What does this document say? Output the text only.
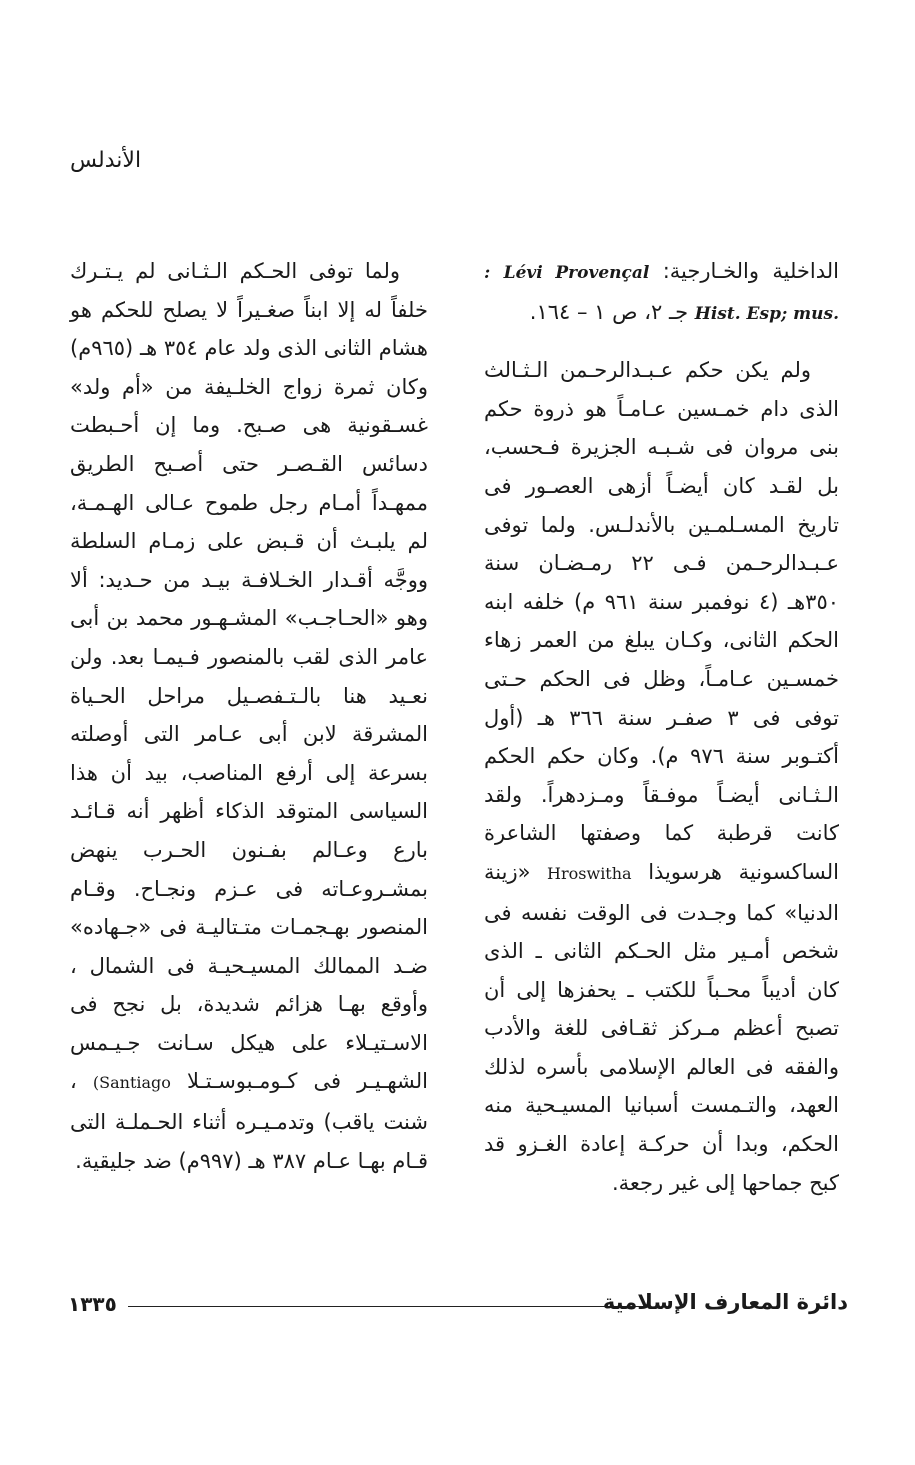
الأندلس

الداخلية والخـارجية: Lévi Provençal : Hist. Esp; mus. جـ ٢، ص ١ – ١٦٤.

ولم يكن حكم عـبـدالرحـمن الـثـالث الذى دام خمـسين عـامـاً هو ذروة حكم بنى مروان فى شـبـه الجزيرة فـحسب، بل لقـد كان أيضـاً أزهى العصـور فى تاريخ المسـلمـين بالأندلـس. ولما توفى عـبـدالرحـمن فـى ٢٢ رمـضـان سنة ٣٥٠هـ (٤ نوفمبر سنة ٩٦١ م) خلفه ابنه الحكم الثانى، وكـان يبلغ من العمر زهاء خمسـين عـامـاً، وظل فى الحكم حـتى توفى فى ٣ صفـر سنة ٣٦٦ هـ (أول أكتـوبر سنة ٩٧٦ م). وكان حكم الحكم الـثـانى أيضـاً موفـقاً ومـزدهراً. ولقد كانت قرطبة كما وصفتها الشاعرة الساكسونية هرسويذا Hroswitha «زينة الدنيا» كما وجـدت فى الوقت نفسه فى شخص أمـير مثل الحـكم الثانى ـ الذى كان أديباً محـباً للكتب ـ يحفزها إلى أن تصبح أعظم مـركز ثقـافى للغة والأدب والفقه فى العالم الإسلامى بأسره لذلك العهد، والتـمست أسبانيا المسيـحية منه الحكم، وبدا أن حركـة إعادة الغـزو قد كبح جماحها إلى غير رجعة.

ولما توفى الحـكم الـثـانى لم يـتـرك خلفاً له إلا ابناً صغـيراً لا يصلح للحكم هو هشام الثانى الذى ولد عام ٣٥٤ هـ (٩٦٥م) وكان ثمرة زواج الخلـيفة من «أم ولد» غسـقونية هى صـبح. وما إن أحـبطت دسائس القـصـر حتى أصـبح الطريق ممهـداً أمـام رجل طموح عـالى الهـمـة، لم يلبـث أن قـبض على زمـام السلطة ووجَّه أقـدار الخـلافـة بيـد من حـديد: ألا وهو «الحـاجـب» المشـهـور محمد بن أبى عامر الذى لقب بالمنصور فـيمـا بعد. ولن نعـيد هنا بالـتـفصـيل مراحل الحـياة المشرقة لابن أبى عـامر التى أوصلته بسرعة إلى أرفع المناصب، بيد أن هذا السياسى المتوقد الذكاء أظهر أنه قـائـد بارع وعـالم بفـنون الحـرب ينهض بمشـروعـاته فى عـزم ونجـاح. وقـام المنصور بهـجمـات متـتاليـة فى «جـهاده» ضـد الممالك المسيـحيـة فى الشمال ، وأوقع بهـا هزائم شديدة، بل نجح فى الاسـتيـلاء على هيكل سـانت جـيـمس الشهـيـر فى كـومـبوسـتـلا (Santiago ، شنت ياقب) وتدمـيـره أثناء الحـملـة التى قـام بهـا عـام ٣٨٧ هـ (٩٩٧م) ضد جليقية.

دائرة المعارف الإسلامية
١٣٣٥
